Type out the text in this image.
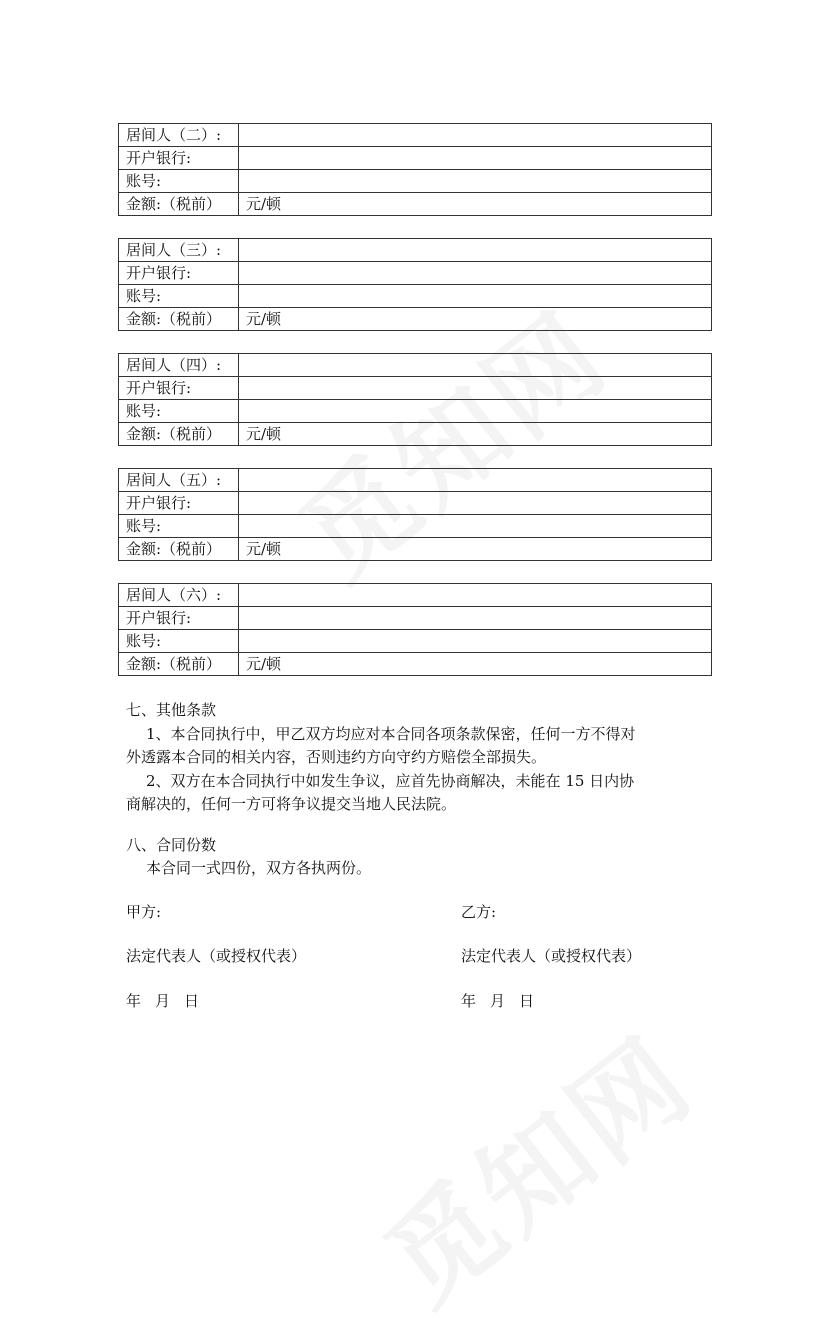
居间人（二）:	
开户银行:	
账号:	
金额:（税前）	元/顿
居间人（三）:	
开户银行:	
账号:	
金额:（税前）	元/顿
居间人（四）:	
开户银行:	
账号:	
金额:（税前）	元/顿
居间人（五）:	
开户银行:	
账号:	
金额:（税前）	元/顿
居间人（六）:	
开户银行:	
账号:	
金额:（税前）	元/顿

七、其他条款

1、本合同执行中，甲乙双方均应对本合同各项条款保密，任何一方不得对

外透露本合同的相关内容，否则违约方向守约方赔偿全部损失。

2、双方在本合同执行中如发生争议，应首先协商解决，未能在 15 日内协

商解决的，任何一方可将争议提交当地人民法院。

八、合同份数

本合同一式四份，双方各执两份。

甲方:	乙方:

法定代表人（或授权代表）	法定代表人（或授权代表）

年 月 日	年 月 日
